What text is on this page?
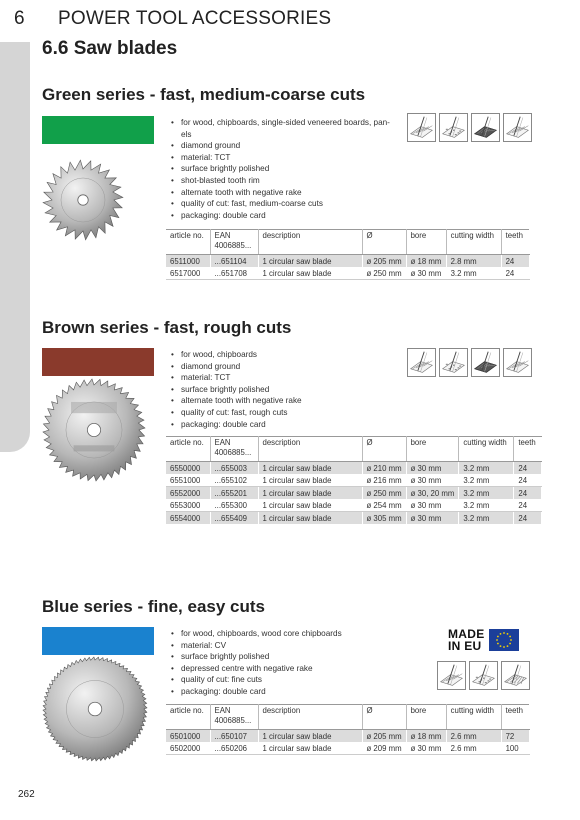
6 POWER TOOL ACCESSORIES
6.6 Saw blades
Green series - fast, medium-coarse cuts
• for wood, chipboards, single-sided veneered boards, pan-els
• diamond ground
• material: TCT
• surface brightly polished
• shot-blasted tooth rim
• alternate tooth with negative rake
• quality of cut: fast, medium-coarse cuts
• packaging: double card
article no.	EAN 4006885...	description	Ø	bore	cutting width	teeth
6511000	...651104	1 circular saw blade	ø 205 mm	ø 18 mm	2.8 mm	24
6517000	...651708	1 circular saw blade	ø 250 mm	ø 30 mm	3.2 mm	24
Brown series - fast, rough cuts
• for wood, chipboards
• diamond ground
• material: TCT
• surface brightly polished
• alternate tooth with negative rake
• quality of cut: fast, rough cuts
• packaging: double card
article no.	EAN 4006885...	description	Ø	bore	cutting width	teeth
6550000	...655003	1 circular saw blade	ø 210 mm	ø 30 mm	3.2 mm	24
6551000	...655102	1 circular saw blade	ø 216 mm	ø 30 mm	3.2 mm	24
6552000	...655201	1 circular saw blade	ø 250 mm	ø 30, 20 mm	3.2 mm	24
6553000	...655300	1 circular saw blade	ø 254 mm	ø 30 mm	3.2 mm	24
6554000	...655409	1 circular saw blade	ø 305 mm	ø 30 mm	3.2 mm	24
Blue series - fine, easy cuts
• for wood, chipboards, wood core chipboards
• material: CV
• surface brightly polished
• depressed centre with negative rake
• quality of cut: fine cuts
• packaging: double card
MADE
IN EU
article no.	EAN 4006885...	description	Ø	bore	cutting width	teeth
6501000	...650107	1 circular saw blade	ø 205 mm	ø 18 mm	2.6 mm	72
6502000	...650206	1 circular saw blade	ø 209 mm	ø 30 mm	2.6 mm	100
262
